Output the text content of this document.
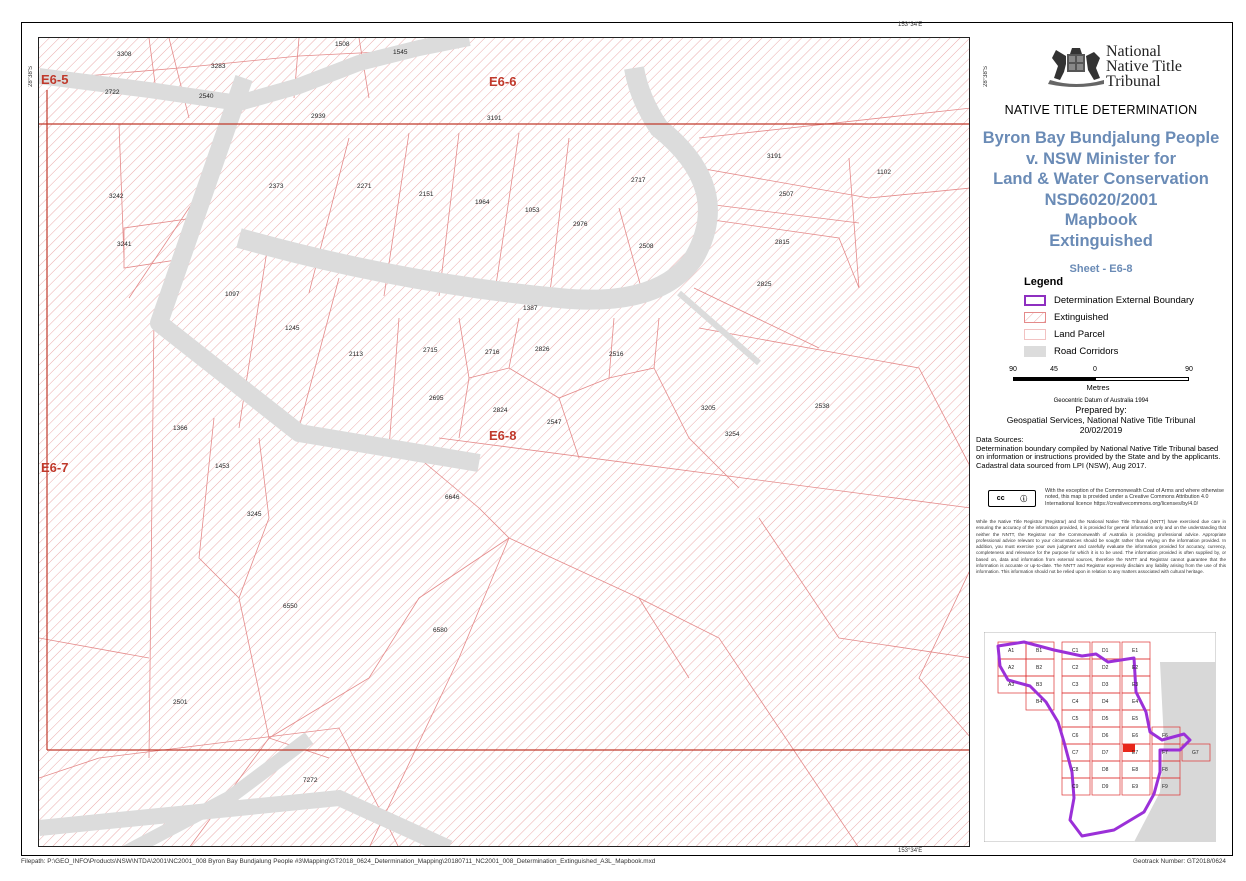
3308
3283
1508
1545
2722
2540
2939	3191
3242
2373	2271
2151
1964
1053
2976
2717
3191
2507
1102
3241	2508
2815
2825
1097
1245
2113
2715	2716	2826
2516
1387
2695
2824
2547
3205	2538
1366
3254
1453
3245
6646
6550
6580
2501
7272
E6-5	E6-6
E6-7
E6-8
153°34'E
28°38'S	28°38'S
153°34'E
National
Native Title
Tribunal
NATIVE TITLE DETERMINATION
Byron Bay Bundjalung People
v. NSW Minister for
Land & Water Conservation
NSD6020/2001
Mapbook
Extinguished
Sheet - E6-8
Legend
Determination External Boundary
Extinguished
Land Parcel
Road Corridors
90	45	0	90
Metres
Geocentric Datum of Australia 1994
Prepared by:
Geospatial Services, National Native Title Tribunal
20/02/2019
Data Sources:
Determination boundary compiled by National Native Title Tribunal based on information or instructions provided by the State and by the applicants.
Cadastral data sourced from LPI (NSW), Aug 2017.
cc ⓘ
With the exception of the Commonwealth Coat of Arms and where otherwise noted, this map is provided under a Creative Commons Attribution 4.0 International licence https://creativecommons.org/licenses/by/4.0/
While the Native Title Registrar (Registrar) and the National Native Title Tribunal (NNTT) have exercised due care in ensuring the accuracy of the information provided, it is provided for general information only and on the understanding that neither the NNTT, the Registrar nor the Commonwealth of Australia is providing professional advice. Appropriate professional advice relevant to your circumstances should be sought rather than relying on the information provided. In addition, you must exercise your own judgment and carefully evaluate the information provided for accuracy, currency, completeness and relevance for the purpose for which it is to be used. The information provided is often supplied by, or based on, data and information from external sources, therefore the NNTT and Registrar cannot guarantee that the information is accurate or up-to-date. The NNTT and Registrar expressly disclaim any liability arising from the use of this information. This information should not be relied upon in relation to any matters associated with cultural heritage.
A1
A2
A3
B1
B2
B3
B4
C1
C2
C3
C4
C5
C6
C7
C8
C9
D1
D2
D3
D4
D5
D6
D7
D8
D9
E1
E2
E3
E4
E5
E6
E7
E8
E9
F6
F7
F8
F9
G7
Filepath: P:\GEO_INFO\Products\NSW\NTDA\2001\NC2001_008 Byron Bay Bundjalung People #3\Mapping\GT2018_0624_Determination_Mapping\20180711_NC2001_008_Determination_Extinguished_A3L_Mapbook.mxd	Geotrack Number: GT2018/0624
